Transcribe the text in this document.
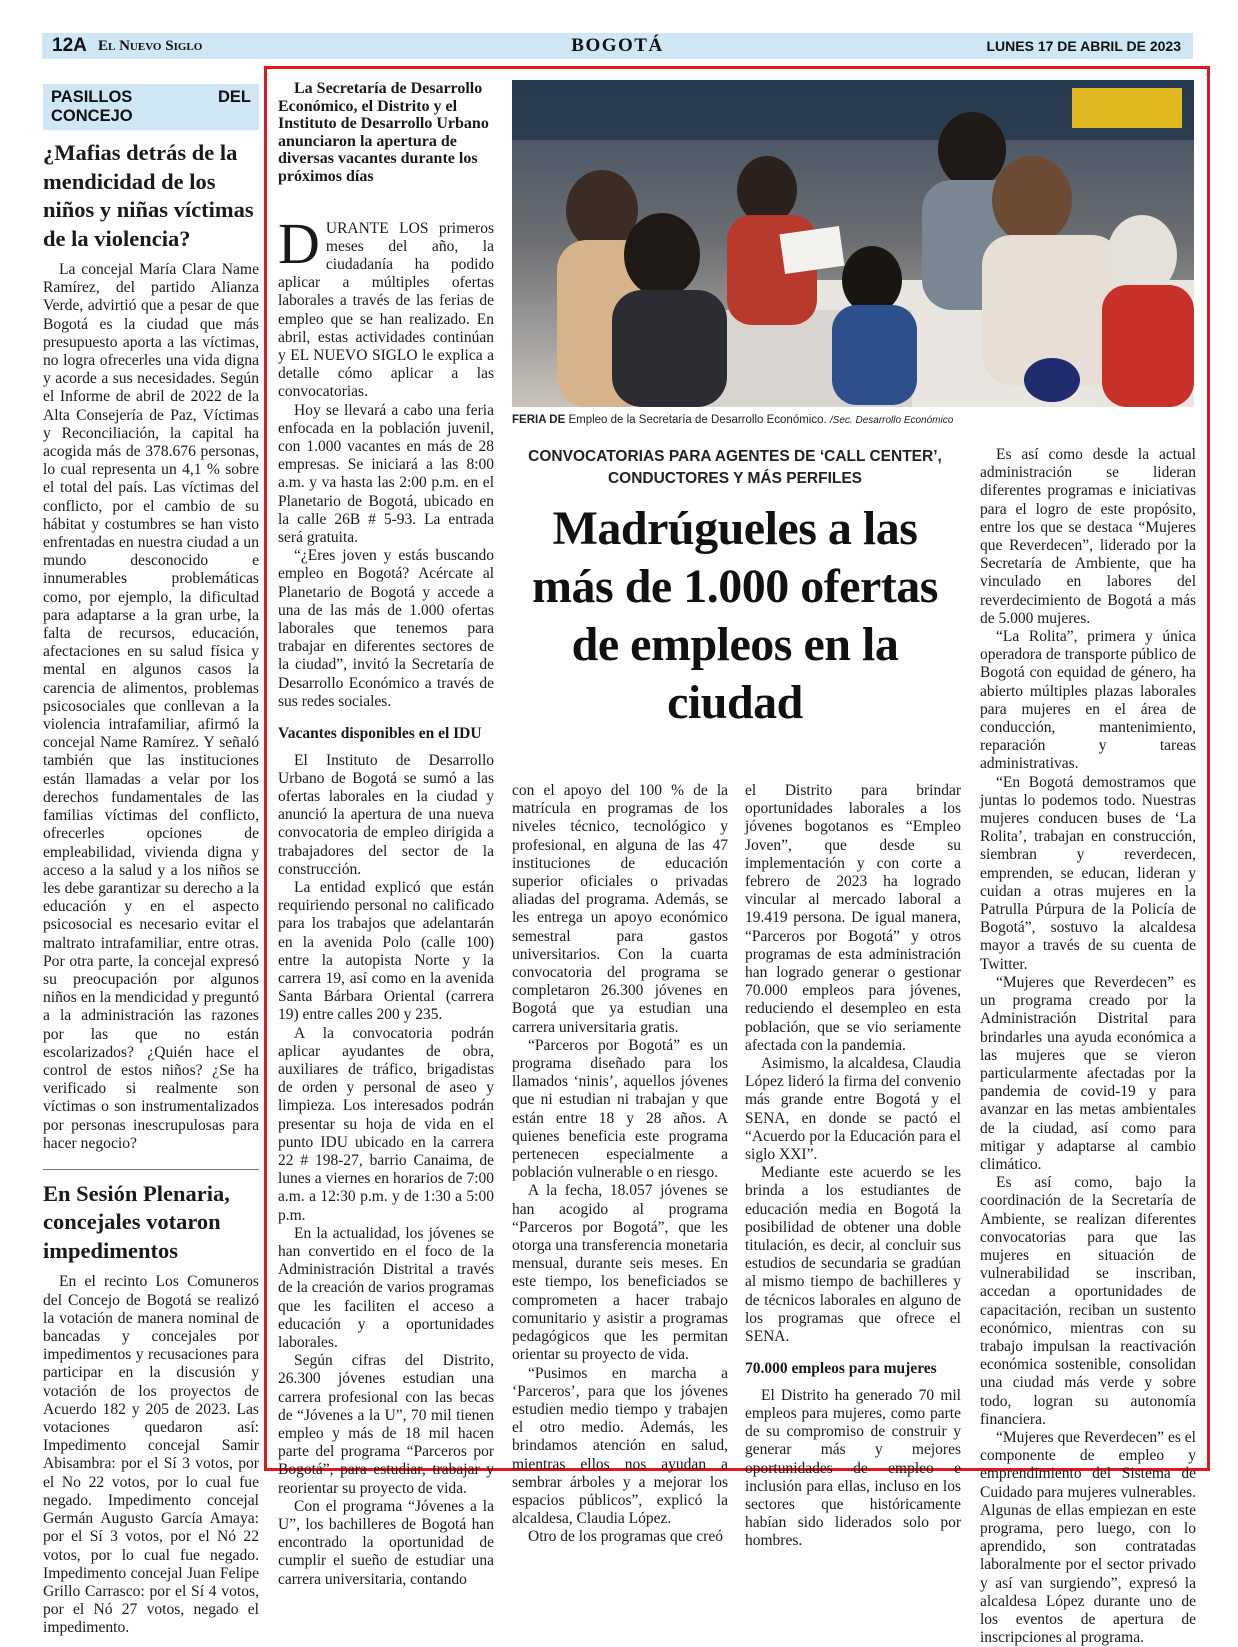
12A El Nuevo Siglo	BOGOTÁ	LUNES 17 DE ABRIL DE 2023
PASILLOS DEL CONCEJO
¿Mafias detrás de la mendicidad de los niños y niñas víctimas de la violencia?

La concejal María Clara Name Ramírez, del partido Alianza Verde, advirtió que a pesar de que Bogotá es la ciudad que más presupuesto aporta a las víctimas, no logra ofrecerles una vida digna y acorde a sus necesidades. Según el Informe de abril de 2022 de la Alta Consejería de Paz, Víctimas y Reconciliación, la capital ha acogida más de 378.676 personas, lo cual representa un 4,1 % sobre el total del país. Las víctimas del conflicto, por el cambio de su hábitat y costumbres se han visto enfrentadas en nuestra ciudad a un mundo desconocido e innumerables problemáticas como, por ejemplo, la dificultad para adaptarse a la gran urbe, la falta de recursos, educación, afectaciones en su salud física y mental en algunos casos la carencia de alimentos, problemas psicosociales que conllevan a la violencia intrafamiliar, afirmó la concejal Name Ramírez. Y señaló también que las instituciones están llamadas a velar por los derechos fundamentales de las familias víctimas del conflicto, ofrecerles opciones de empleabilidad, vivienda digna y acceso a la salud y a los niños se les debe garantizar su derecho a la educación y en el aspecto psicosocial es necesario evitar el maltrato intrafamiliar, entre otras. Por otra parte, la concejal expresó su preocupación por algunos niños en la mendicidad y preguntó a la administración las razones por las que no están escolarizados? ¿Quién hace el control de estos niños? ¿Se ha verificado si realmente son víctimas o son instrumentalizados por personas inescrupulosas para hacer negocio?

En Sesión Plenaria, concejales votaron impedimentos

En el recinto Los Comuneros del Concejo de Bogotá se realizó la votación de manera nominal de bancadas y concejales por impedimentos y recusaciones para participar en la discusión y votación de los proyectos de Acuerdo 182 y 205 de 2023. Las votaciones quedaron así: Impedimento concejal Samir Abisambra: por el Sí 3 votos, por el No 22 votos, por lo cual fue negado. Impedimento concejal Germán Augusto García Amaya: por el Sí 3 votos, por el Nó 22 votos, por lo cual fue negado. Impedimento concejal Juan Felipe Grillo Carrasco: por el Sí 4 votos, por el Nó 27 votos, negado el impedimento.

La Secretaría de Desarrollo Económico, el Distrito y el Instituto de Desarrollo Urbano anunciaron la apertura de diversas vacantes durante los próximos días

DURANTE LOS primeros meses del año, la ciudadanía ha podido aplicar a múltiples ofertas laborales a través de las ferias de empleo que se han realizado. En abril, estas actividades continúan y EL NUEVO SIGLO le explica a detalle cómo aplicar a las convocatorias.

Hoy se llevará a cabo una feria enfocada en la población juvenil, con 1.000 vacantes en más de 28 empresas. Se iniciará a las 8:00 a.m. y va hasta las 2:00 p.m. en el Planetario de Bogotá, ubicado en la calle 26B # 5-93. La entrada será gratuita.

“¿Eres joven y estás buscando empleo en Bogotá? Acércate al Planetario de Bogotá y accede a una de las más de 1.000 ofertas laborales que tenemos para trabajar en diferentes sectores de la ciudad”, invitó la Secretaría de Desarrollo Económico a través de sus redes sociales.

Vacantes disponibles en el IDU

El Instituto de Desarrollo Urbano de Bogotá se sumó a las ofertas laborales en la ciudad y anunció la apertura de una nueva convocatoria de empleo dirigida a trabajadores del sector de la construcción.

La entidad explicó que están requiriendo personal no calificado para los trabajos que adelantarán en la avenida Polo (calle 100) entre la autopista Norte y la carrera 19, así como en la avenida Santa Bárbara Oriental (carrera 19) entre calles 200 y 235.

A la convocatoria podrán aplicar ayudantes de obra, auxiliares de tráfico, brigadistas de orden y personal de aseo y limpieza. Los interesados podrán presentar su hoja de vida en el punto IDU ubicado en la carrera 22 # 198-27, barrio Canaima, de lunes a viernes en horarios de 7:00 a.m. a 12:30 p.m. y de 1:30 a 5:00 p.m.

En la actualidad, los jóvenes se han convertido en el foco de la Administración Distrital a través de la creación de varios programas que les faciliten el acceso a educación y a oportunidades laborales.

Según cifras del Distrito, 26.300 jóvenes estudian una carrera profesional con las becas de “Jóvenes a la U”, 70 mil tienen empleo y más de 18 mil hacen parte del programa “Parceros por Bogotá”, para estudiar, trabajar y reorientar su proyecto de vida.

Con el programa “Jóvenes a la U”, los bachilleres de Bogotá han encontrado la oportunidad de cumplir el sueño de estudiar una carrera universitaria, contando

FERIA DE Empleo de la Secretaría de Desarrollo Económico. /Sec. Desarrollo Económico
CONVOCATORIAS PARA AGENTES DE ‘CALL CENTER’, CONDUCTORES Y MÁS PERFILES
Madrúgueles a las más de 1.000 ofertas de empleos en la ciudad

con el apoyo del 100 % de la matrícula en programas de los niveles técnico, tecnológico y profesional, en alguna de las 47 instituciones de educación superior oficiales o privadas aliadas del programa. Además, se les entrega un apoyo económico semestral para gastos universitarios. Con la cuarta convocatoria del programa se completaron 26.300 jóvenes en Bogotá que ya estudian una carrera universitaria gratis.

“Parceros por Bogotá” es un programa diseñado para los llamados ‘ninis’, aquellos jóvenes que ni estudian ni trabajan y que están entre 18 y 28 años. A quienes beneficia este programa pertenecen especialmente a población vulnerable o en riesgo.

A la fecha, 18.057 jóvenes se han acogido al programa “Parceros por Bogotá”, que les otorga una transferencia monetaria mensual, durante seis meses. En este tiempo, los beneficiados se comprometen a hacer trabajo comunitario y asistir a programas pedagógicos que les permitan orientar su proyecto de vida.

“Pusimos en marcha a ‘Parceros’, para que los jóvenes estudien medio tiempo y trabajen el otro medio. Además, les brindamos atención en salud, mientras ellos nos ayudan a sembrar árboles y a mejorar los espacios públicos”, explicó la alcaldesa, Claudia López.

Otro de los programas que creó

el Distrito para brindar oportunidades laborales a los jóvenes bogotanos es “Empleo Joven”, que desde su implementación y con corte a febrero de 2023 ha logrado vincular al mercado laboral a 19.419 persona. De igual manera, “Parceros por Bogotá” y otros programas de esta administración han logrado generar o gestionar 70.000 empleos para jóvenes, reduciendo el desempleo en esta población, que se vio seriamente afectada con la pandemia.

Asimismo, la alcaldesa, Claudia López lideró la firma del convenio más grande entre Bogotá y el SENA, en donde se pactó el “Acuerdo por la Educación para el siglo XXI”.

Mediante este acuerdo se les brinda a los estudiantes de educación media en Bogotá la posibilidad de obtener una doble titulación, es decir, al concluir sus estudios de secundaria se gradúan al mismo tiempo de bachilleres y de técnicos laborales en alguno de los programas que ofrece el SENA.

70.000 empleos para mujeres

El Distrito ha generado 70 mil empleos para mujeres, como parte de su compromiso de construir y generar más y mejores oportunidades de empleo e inclusión para ellas, incluso en los sectores que históricamente habían sido liderados solo por hombres.

Es así como desde la actual administración se lideran diferentes programas e iniciativas para el logro de este propósito, entre los que se destaca “Mujeres que Reverdecen”, liderado por la Secretaría de Ambiente, que ha vinculado en labores del reverdecimiento de Bogotá a más de 5.000 mujeres.

“La Rolita”, primera y única operadora de transporte público de Bogotá con equidad de género, ha abierto múltiples plazas laborales para mujeres en el área de conducción, mantenimiento, reparación y tareas administrativas.

“En Bogotá demostramos que juntas lo podemos todo. Nuestras mujeres conducen buses de ‘La Rolita’, trabajan en construcción, siembran y reverdecen, emprenden, se educan, lideran y cuidan a otras mujeres en la Patrulla Púrpura de la Policía de Bogotá”, sostuvo la alcaldesa mayor a través de su cuenta de Twitter.

“Mujeres que Reverdecen” es un programa creado por la Administración Distrital para brindarles una ayuda económica a las mujeres que se vieron particularmente afectadas por la pandemia de covid-19 y para avanzar en las metas ambientales de la ciudad, así como para mitigar y adaptarse al cambio climático.

Es así como, bajo la coordinación de la Secretaría de Ambiente, se realizan diferentes convocatorias para que las mujeres en situación de vulnerabilidad se inscriban, accedan a oportunidades de capacitación, reciban un sustento económico, mientras con su trabajo impulsan la reactivación económica sostenible, consolidan una ciudad más verde y sobre todo, logran su autonomía financiera.

“Mujeres que Reverdecen” es el componente de empleo y emprendimiento del Sistema de Cuidado para mujeres vulnerables. Algunas de ellas empiezan en este programa, pero luego, con lo aprendido, son contratadas laboralmente por el sector privado y así van surgiendo”, expresó la alcaldesa López durante uno de los eventos de apertura de inscripciones al programa.
